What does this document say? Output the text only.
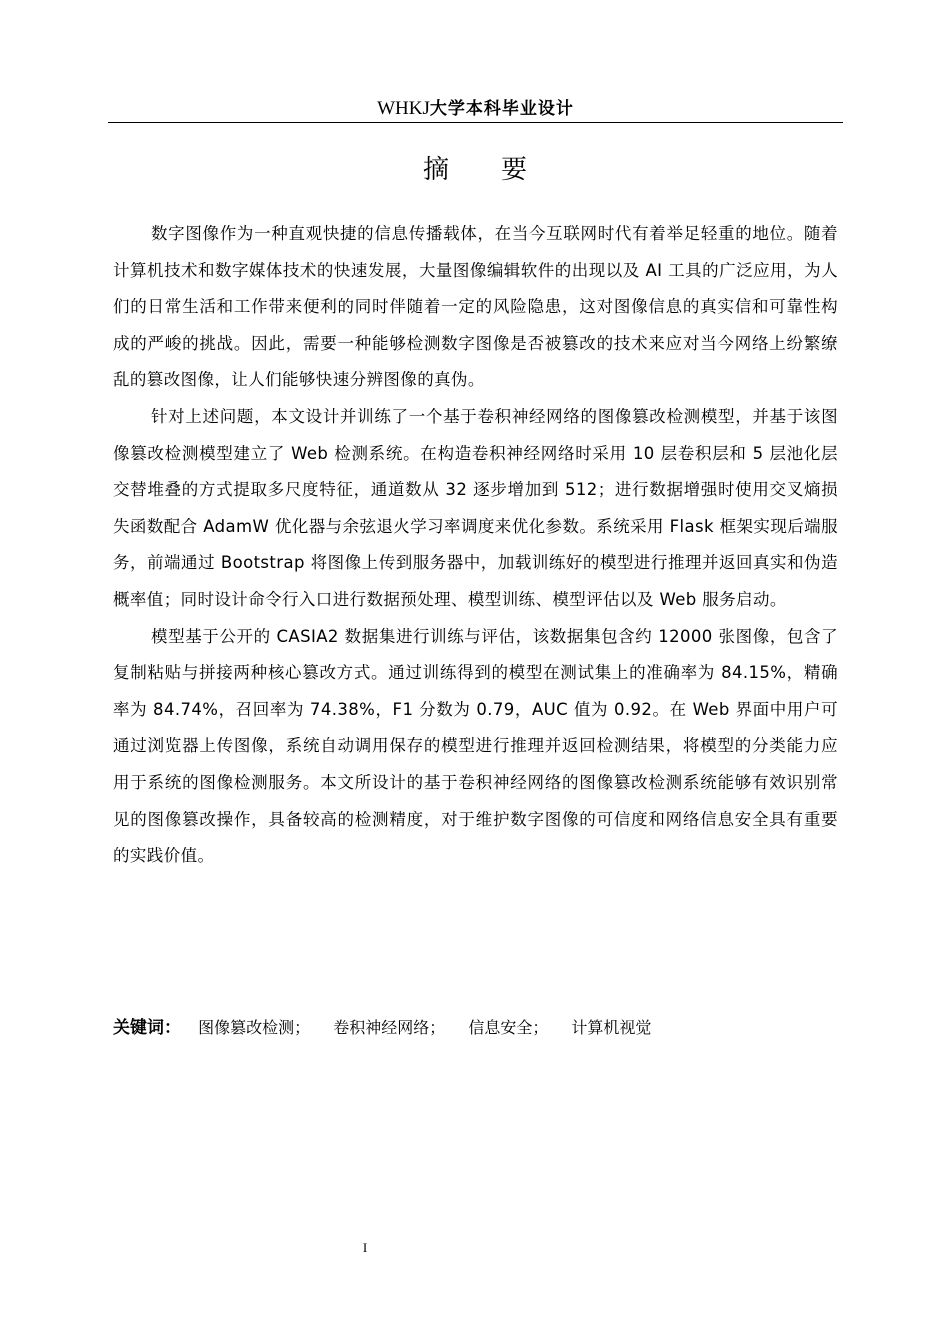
WHKJ大学本科毕业设计
摘 要

数字图像作为一种直观快捷的信息传播载体，在当今互联网时代有着举足轻重的地位。随着计算机技术和数字媒体技术的快速发展，大量图像编辑软件的出现以及 AI 工具的广泛应用，为人们的日常生活和工作带来便利的同时伴随着一定的风险隐患，这对图像信息的真实信和可靠性构成的严峻的挑战。因此，需要一种能够检测数字图像是否被篡改的技术来应对当今网络上纷繁缭乱的篡改图像，让人们能够快速分辨图像的真伪。

针对上述问题，本文设计并训练了一个基于卷积神经网络的图像篡改检测模型，并基于该图像篡改检测模型建立了 Web 检测系统。在构造卷积神经网络时采用 10 层卷积层和 5 层池化层交替堆叠的方式提取多尺度特征，通道数从 32 逐步增加到 512；进行数据增强时使用交叉熵损失函数配合 AdamW 优化器与余弦退火学习率调度来优化参数。系统采用 Flask 框架实现后端服务，前端通过 Bootstrap 将图像上传到服务器中，加载训练好的模型进行推理并返回真实和伪造概率值；同时设计命令行入口进行数据预处理、模型训练、模型评估以及 Web 服务启动。

模型基于公开的 CASIA2 数据集进行训练与评估，该数据集包含约 12000 张图像，包含了复制粘贴与拼接两种核心篡改方式。通过训练得到的模型在测试集上的准确率为 84.15%，精确率为 84.74%，召回率为 74.38%，F1 分数为 0.79，AUC 值为 0.92。在 Web 界面中用户可通过浏览器上传图像，系统自动调用保存的模型进行推理并返回检测结果，将模型的分类能力应用于系统的图像检测服务。本文所设计的基于卷积神经网络的图像篡改检测系统能够有效识别常见的图像篡改操作，具备较高的检测精度，对于维护数字图像的可信度和网络信息安全具有重要的实践价值。

关键词： 图像篡改检测； 卷积神经网络； 信息安全； 计算机视觉
I
